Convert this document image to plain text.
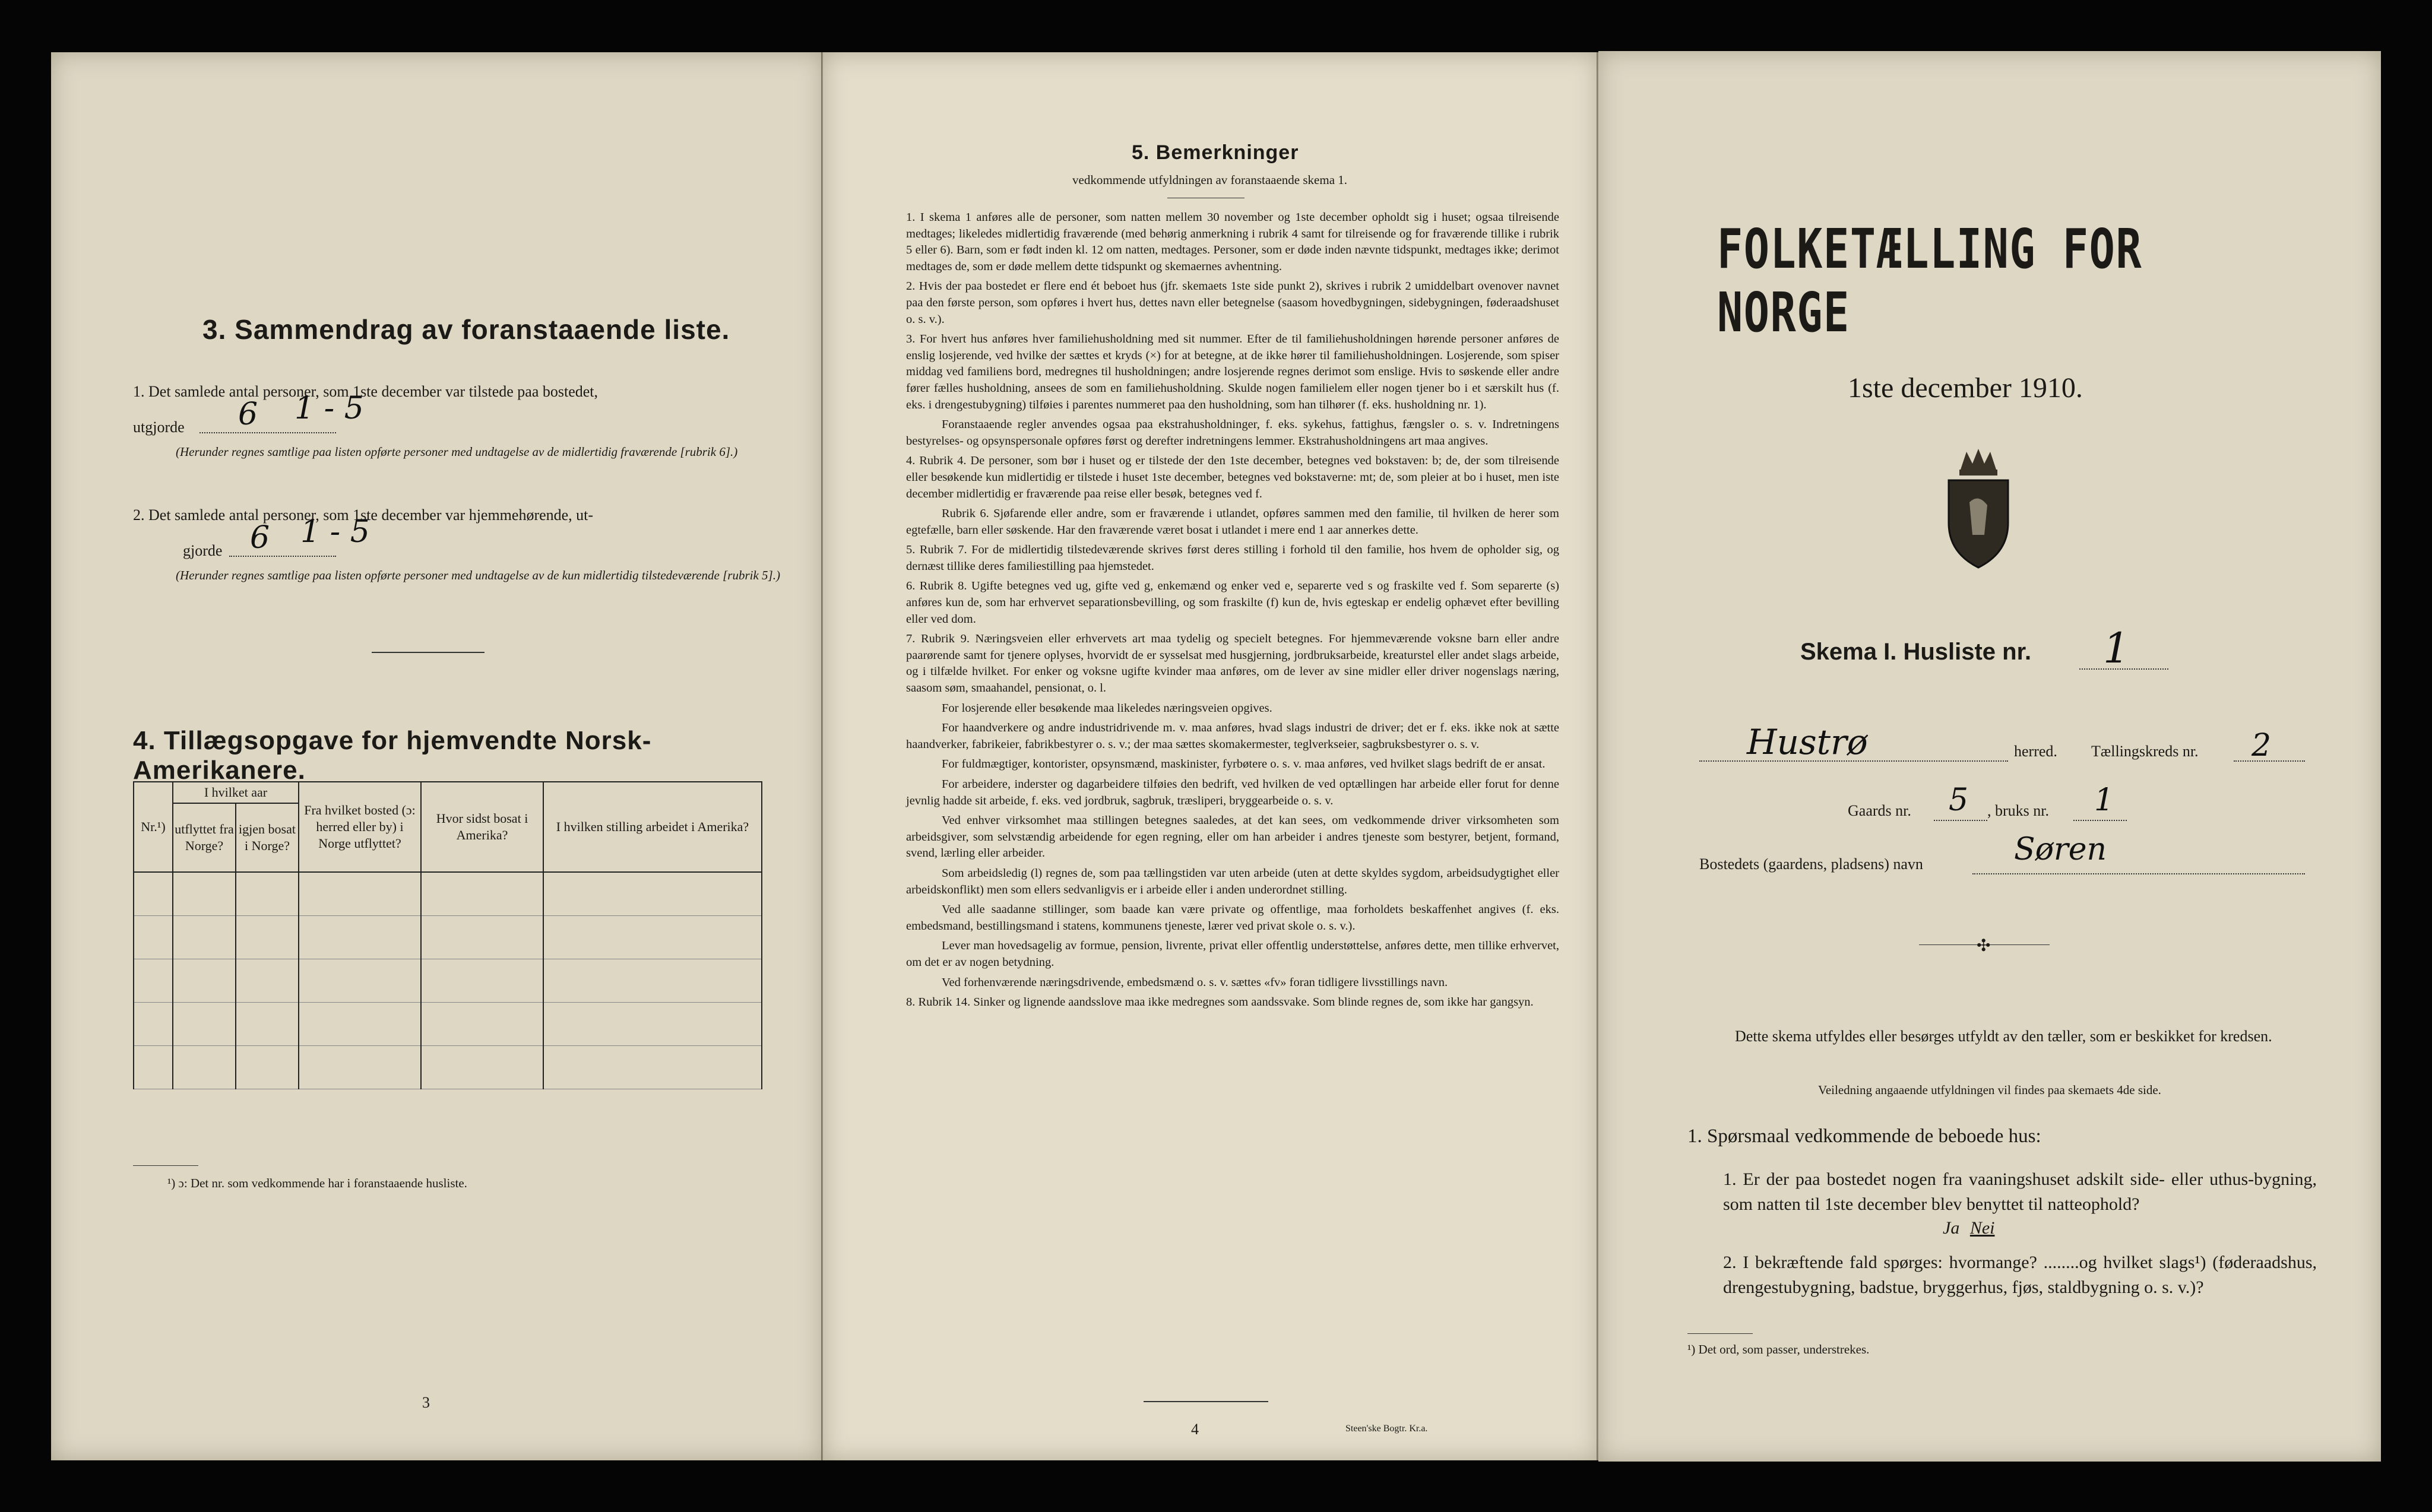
3. Sammendrag av foranstaaende liste.
1. Det samlede antal personer, som 1ste december var tilstede paa bostedet,
utgjorde 6 1 - 5
(Herunder regnes samtlige paa listen opførte personer med undtagelse av de midlertidig fraværende [rubrik 6].)
2. Det samlede antal personer, som 1ste december var hjemmehørende, ut-
gjorde 6 1 - 5
(Herunder regnes samtlige paa listen opførte personer med undtagelse av de kun midlertidig tilstedeværende [rubrik 5].)
4. Tillægsopgave for hjemvendte Norsk-Amerikanere.
Nr.¹)	I hvilket aar		Fra hvilket bosted (ɔ: herred eller by) i Norge utflyttet?	Hvor sidst bosat i Amerika?	I hvilken stilling arbeidet i Amerika?
	utflyttet fra Norge?	igjen bosat i Norge?			

¹) ɔ: Det nr. som vedkommende har i foranstaaende husliste.
3
5. Bemerkninger
vedkommende utfyldningen av foranstaaende skema 1.

1. I skema 1 anføres alle de personer, som natten mellem 30 november og 1ste december opholdt sig i huset; ogsaa tilreisende medtages; likeledes midlertidig fraværende (med behørig anmerkning i rubrik 4 samt for tilreisende og for fraværende tillike i rubrik 5 eller 6). Barn, som er født inden kl. 12 om natten, medtages. Personer, som er døde inden nævnte tidspunkt, medtages ikke; derimot medtages de, som er døde mellem dette tidspunkt og skemaernes avhentning.

2. Hvis der paa bostedet er flere end ét beboet hus (jfr. skemaets 1ste side punkt 2), skrives i rubrik 2 umiddelbart ovenover navnet paa den første person, som opføres i hvert hus, dettes navn eller betegnelse (saasom hovedbygningen, sidebygningen, føderaadshuset o. s. v.).

3. For hvert hus anføres hver familiehusholdning med sit nummer. Efter de til familiehusholdningen hørende personer anføres de enslig losjerende, ved hvilke der sættes et kryds (×) for at betegne, at de ikke hører til familiehusholdningen. Losjerende, som spiser middag ved familiens bord, medregnes til husholdningen; andre losjerende regnes derimot som enslige. Hvis to søskende eller andre fører fælles husholdning, ansees de som en familiehusholdning. Skulde nogen familielem eller nogen tjener bo i et særskilt hus (f. eks. i drengestubygning) tilføies i parentes nummeret paa den husholdning, som han tilhører (f. eks. husholdning nr. 1).

Foranstaaende regler anvendes ogsaa paa ekstrahusholdninger, f. eks. sykehus, fattighus, fængsler o. s. v. Indretningens bestyrelses- og opsynspersonale opføres først og derefter indretningens lemmer. Ekstrahusholdningens art maa angives.

4. Rubrik 4. De personer, som bør i huset og er tilstede der den 1ste december, betegnes ved bokstaven: b; de, der som tilreisende eller besøkende kun midlertidig er tilstede i huset 1ste december, betegnes ved bokstaverne: mt; de, som pleier at bo i huset, men iste december midlertidig er fraværende paa reise eller besøk, betegnes ved f.

Rubrik 6. Sjøfarende eller andre, som er fraværende i utlandet, opføres sammen med den familie, til hvilken de herer som egtefælle, barn eller søskende. Har den fraværende været bosat i utlandet i mere end 1 aar annerkes dette.

5. Rubrik 7. For de midlertidig tilstedeværende skrives først deres stilling i forhold til den familie, hos hvem de opholder sig, og dernæst tillike deres familiestilling paa hjemstedet.

6. Rubrik 8. Ugifte betegnes ved ug, gifte ved g, enkemænd og enker ved e, separerte ved s og fraskilte ved f. Som separerte (s) anføres kun de, som har erhvervet separationsbevilling, og som fraskilte (f) kun de, hvis egteskap er endelig ophævet efter bevilling eller ved dom.

7. Rubrik 9. Næringsveien eller erhvervets art maa tydelig og specielt betegnes. For hjemmeværende voksne barn eller andre paarørende samt for tjenere oplyses, hvorvidt de er sysselsat med husgjerning, jordbruksarbeide, kreaturstel eller andet slags arbeide, og i tilfælde hvilket. For enker og voksne ugifte kvinder maa anføres, om de lever av sine midler eller driver nogenslags næring, saasom søm, smaahandel, pensionat, o. l.

For losjerende eller besøkende maa likeledes næringsveien opgives.

For haandverkere og andre industridrivende m. v. maa anføres, hvad slags industri de driver; det er f. eks. ikke nok at sætte haandverker, fabrikeier, fabrikbestyrer o. s. v.; der maa sættes skomakermester, teglverkseier, sagbruksbestyrer o. s. v.

For fuldmægtiger, kontorister, opsynsmænd, maskinister, fyrbøtere o. s. v. maa anføres, ved hvilket slags bedrift de er ansat.

For arbeidere, inderster og dagarbeidere tilføies den bedrift, ved hvilken de ved optællingen har arbeide eller forut for denne jevnlig hadde sit arbeide, f. eks. ved jordbruk, sagbruk, træsliperi, bryggearbeide o. s. v.

Ved enhver virksomhet maa stillingen betegnes saaledes, at det kan sees, om vedkommende driver virksomheten som arbeidsgiver, som selvstændig arbeidende for egen regning, eller om han arbeider i andres tjeneste som bestyrer, betjent, formand, svend, lærling eller arbeider.

Som arbeidsledig (l) regnes de, som paa tællingstiden var uten arbeide (uten at dette skyldes sygdom, arbeidsudygtighet eller arbeidskonflikt) men som ellers sedvanligvis er i arbeide eller i anden underordnet stilling.

Ved alle saadanne stillinger, som baade kan være private og offentlige, maa forholdets beskaffenhet angives (f. eks. embedsmand, bestillingsmand i statens, kommunens tjeneste, lærer ved privat skole o. s. v.).

Lever man hovedsagelig av formue, pension, livrente, privat eller offentlig understøttelse, anføres dette, men tillike erhvervet, om det er av nogen betydning.

Ved forhenværende næringsdrivende, embedsmænd o. s. v. sættes «fv» foran tidligere livsstillings navn.

8. Rubrik 14. Sinker og lignende aandsslove maa ikke medregnes som aandssvake. Som blinde regnes de, som ikke har gangsyn.

4	Steen'ske Bogtr. Kr.a.
FOLKETÆLLING FOR NORGE
1ste december 1910.
Skema I. Husliste nr. 1
Hustrø	herred. Tællingskreds nr. 2
Gaards nr. 5 , bruks nr. 1
Bostedets (gaardens, pladsens) navn	Søren
✣
Dette skema utfyldes eller besørges utfyldt av den tæller, som er beskikket for kredsen.
Veiledning angaaende utfyldningen vil findes paa skemaets 4de side.
1. Spørsmaal vedkommende de beboede hus:
1. Er der paa bostedet nogen fra vaaningshuset adskilt side- eller uthus-bygning, som natten til 1ste december blev benyttet til natteophold?
Ja Nei
2. I bekræftende fald spørges: hvormange? ........og hvilket slags¹) (føderaadshus, drengestubygning, badstue, bryggerhus, fjøs, staldbygning o. s. v.)?
¹) Det ord, som passer, understrekes.
